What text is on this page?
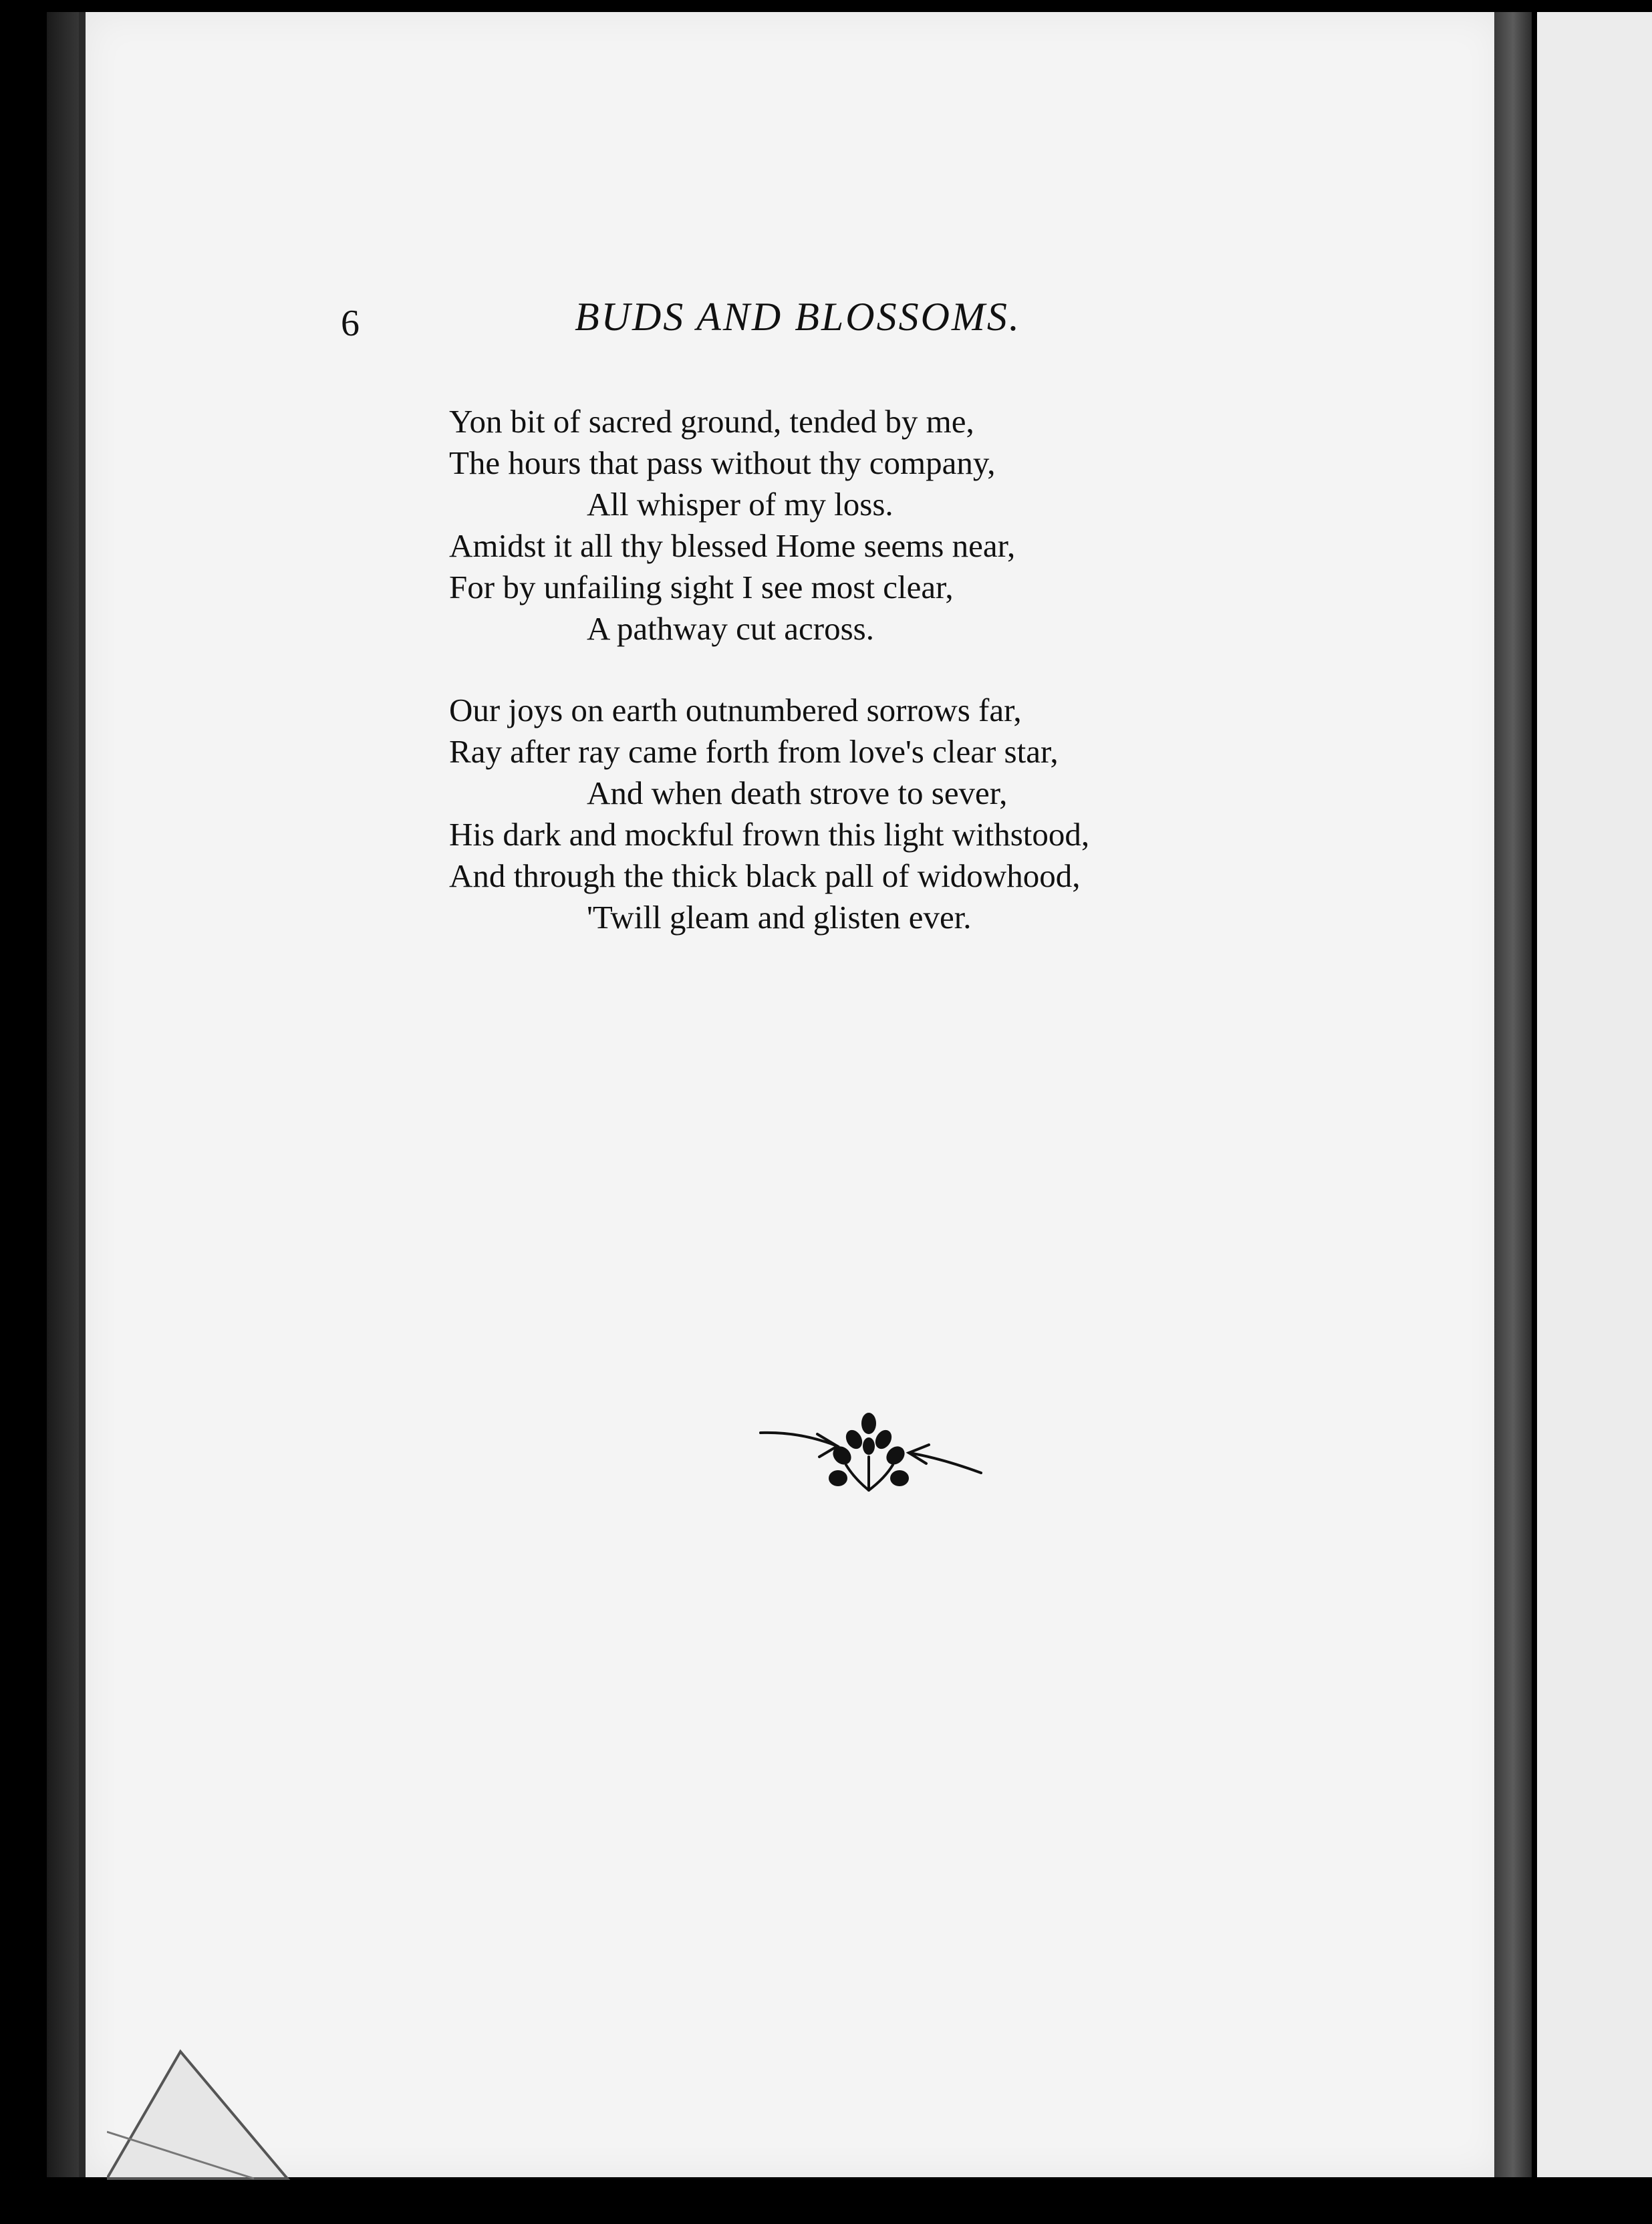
6	BUDS AND BLOSSOMS.
Yon bit of sacred ground, tended by me,
The hours that pass without thy company,
All whisper of my loss.
Amidst it all thy blessed Home seems near,
For by unfailing sight I see most clear,
A pathway cut across.
Our joys on earth outnumbered sorrows far,
Ray after ray came forth from love's clear star,
And when death strove to sever,
His dark and mockful frown this light withstood,
And through the thick black pall of widowhood,
'Twill gleam and glisten ever.
